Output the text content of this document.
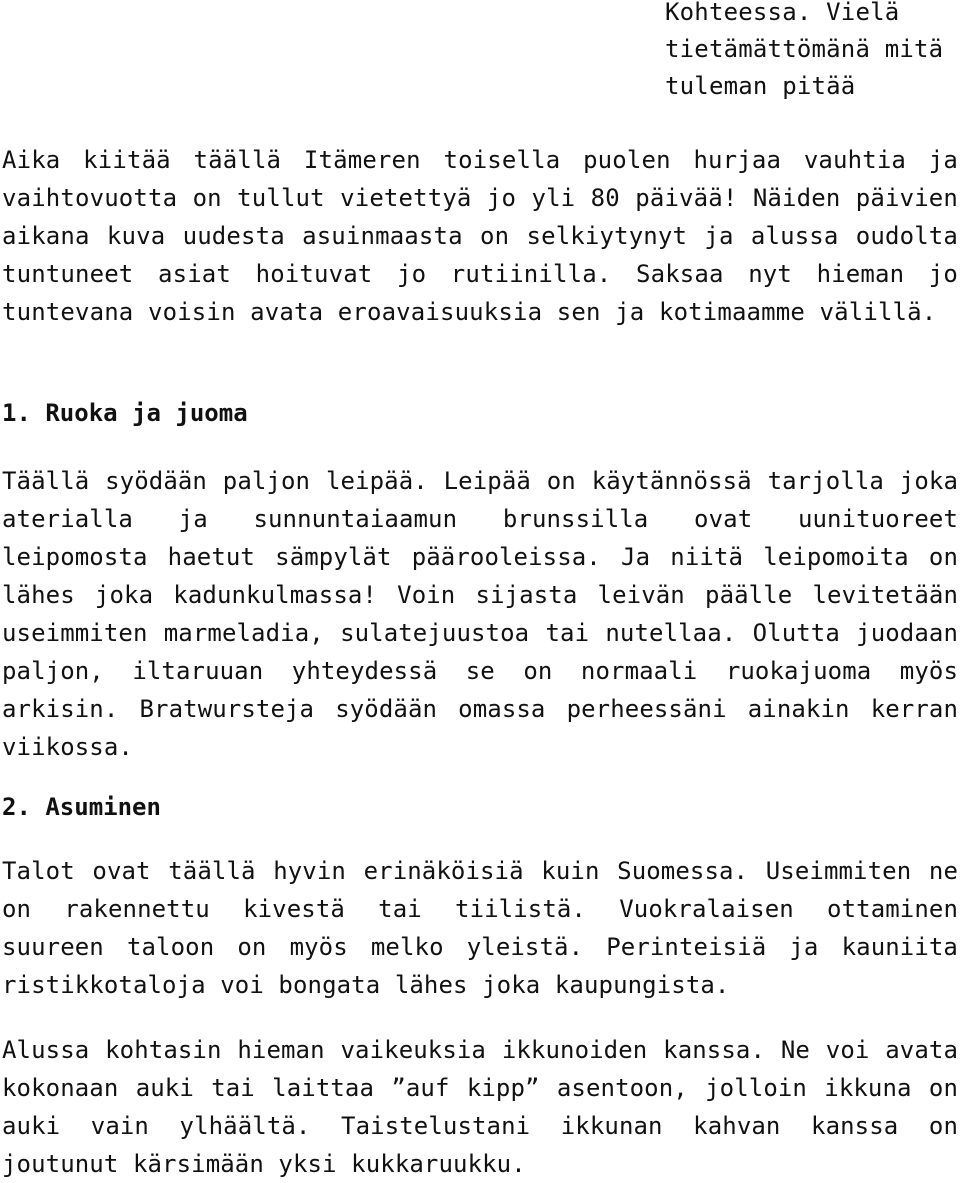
Kohteessa. Vielä
tietämättömänä mitä
tuleman pitää

Aika kiitää täällä Itämeren toisella puolen hurjaa vauhtia ja vaihtovuotta on tullut vietettyä jo yli 80 päivää! Näiden päivien aikana kuva uudesta asuinmaasta on selkiytynyt ja alussa oudolta tuntuneet asiat hoituvat jo rutiinilla. Saksaa nyt hieman jo tuntevana voisin avata eroavaisuuksia sen ja kotimaamme välillä.

1. Ruoka ja juoma

Täällä syödään paljon leipää. Leipää on käytännössä tarjolla joka aterialla ja sunnuntaiaamun brunssilla ovat uunituoreet leipomosta haetut sämpylät päärooleissa. Ja niitä leipomoita on lähes joka kadunkulmassa! Voin sijasta leivän päälle levitetään useimmiten marmeladia, sulatejuustoa tai nutellaa. Olutta juodaan paljon, iltaruuan yhteydessä se on normaali ruokajuoma myös arkisin. Bratwursteja syödään omassa perheessäni ainakin kerran viikossa.

2. Asuminen

Talot ovat täällä hyvin erinäköisiä kuin Suomessa. Useimmiten ne on rakennettu kivestä tai tiilistä. Vuokralaisen ottaminen suureen taloon on myös melko yleistä. Perinteisiä ja kauniita ristikkotaloja voi bongata lähes joka kaupungista.

Alussa kohtasin hieman vaikeuksia ikkunoiden kanssa. Ne voi avata kokonaan auki tai laittaa ”auf kipp” asentoon, jolloin ikkuna on auki vain ylhäältä. Taistelustani ikkunan kahvan kanssa on joutunut kärsimään yksi kukkaruukku.
